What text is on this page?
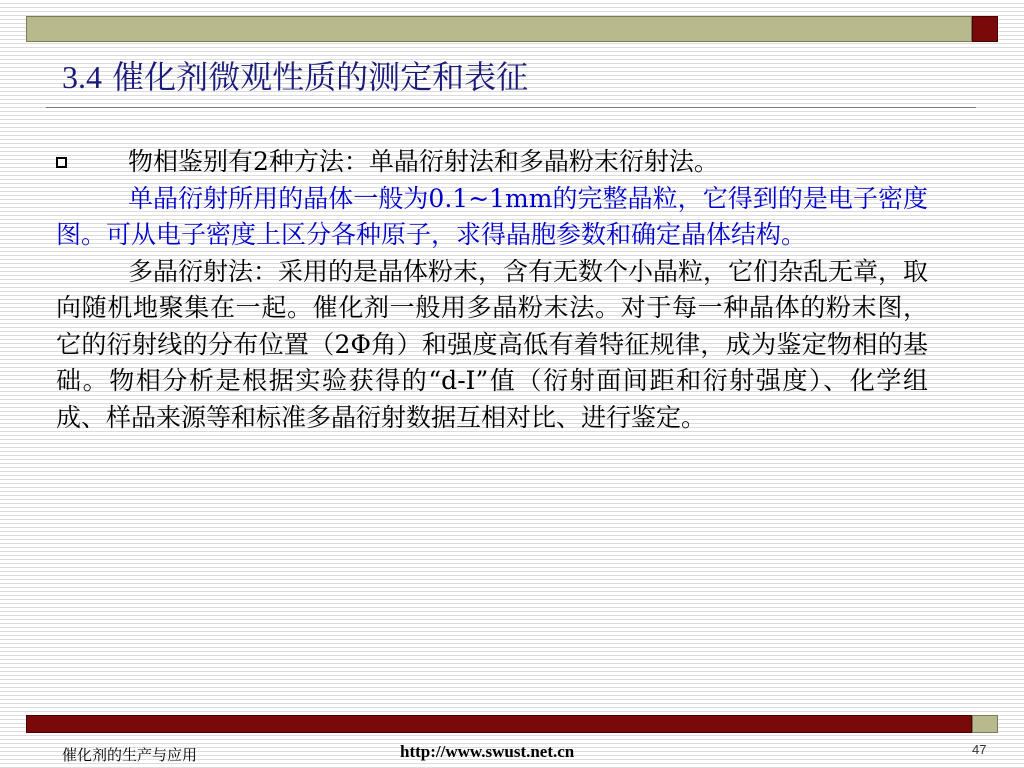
3.4 催化剂微观性质的测定和表征
物相鉴别有2种方法：单晶衍射法和多晶粉末衍射法。
单晶衍射所用的晶体一般为0.1~1mm的完整晶粒，它得到的是电子密度图。可从电子密度上区分各种原子，求得晶胞参数和确定晶体结构。
多晶衍射法：采用的是晶体粉末，含有无数个小晶粒，它们杂乱无章，取向随机地聚集在一起。催化剂一般用多晶粉末法。对于每一种晶体的粉末图，它的衍射线的分布位置（2Φ角）和强度高低有着特征规律，成为鉴定物相的基础。物相分析是根据实验获得的“d-I”值（衍射面间距和衍射强度）、化学组成、样品来源等和标准多晶衍射数据互相对比、进行鉴定。
催化剂的生产与应用	http://www.swust.net.cn	47
